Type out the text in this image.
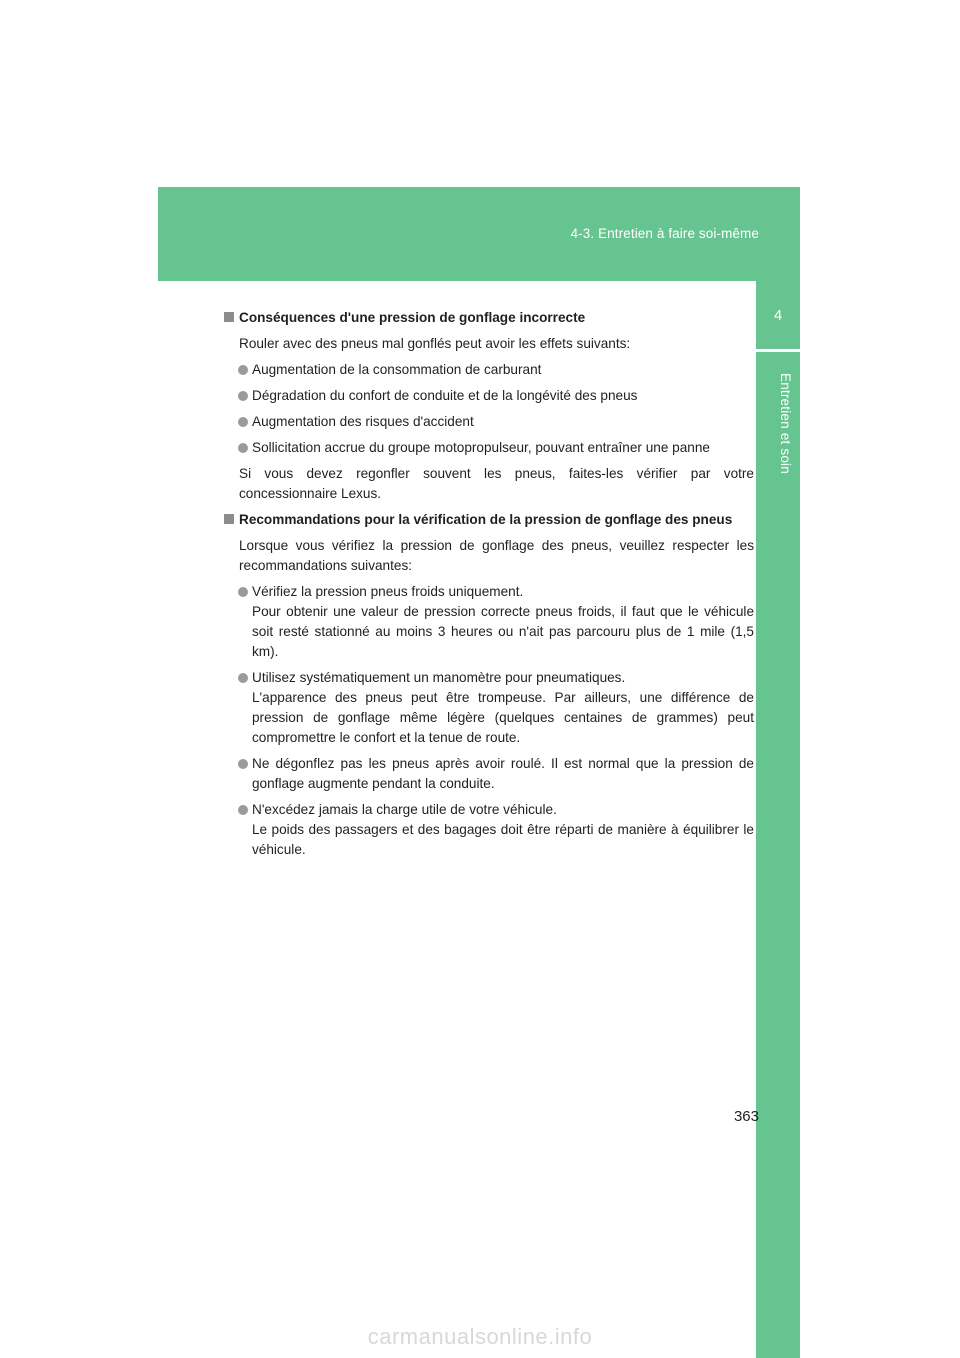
4-3. Entretien à faire soi-même
4
Entretien et soin
Conséquences d'une pression de gonflage incorrecte
Rouler avec des pneus mal gonflés peut avoir les effets suivants:
Augmentation de la consommation de carburant
Dégradation du confort de conduite et de la longévité des pneus
Augmentation des risques d'accident
Sollicitation accrue du groupe motopropulseur, pouvant entraîner une panne
Si vous devez regonfler souvent les pneus, faites-les vérifier par votre concessionnaire Lexus.
Recommandations pour la vérification de la pression de gonflage des pneus
Lorsque vous vérifiez la pression de gonflage des pneus, veuillez respecter les recommandations suivantes:
Vérifiez la pression pneus froids uniquement.
Pour obtenir une valeur de pression correcte pneus froids, il faut que le véhicule soit resté stationné au moins 3 heures ou n'ait pas parcouru plus de 1 mile (1,5 km).
Utilisez systématiquement un manomètre pour pneumatiques.
L'apparence des pneus peut être trompeuse. Par ailleurs, une différence de pression de gonflage même légère (quelques centaines de grammes) peut compromettre le confort et la tenue de route.
Ne dégonflez pas les pneus après avoir roulé. Il est normal que la pression de gonflage augmente pendant la conduite.
N'excédez jamais la charge utile de votre véhicule.
Le poids des passagers et des bagages doit être réparti de manière à équilibrer le véhicule.
363
carmanualsonline.info
